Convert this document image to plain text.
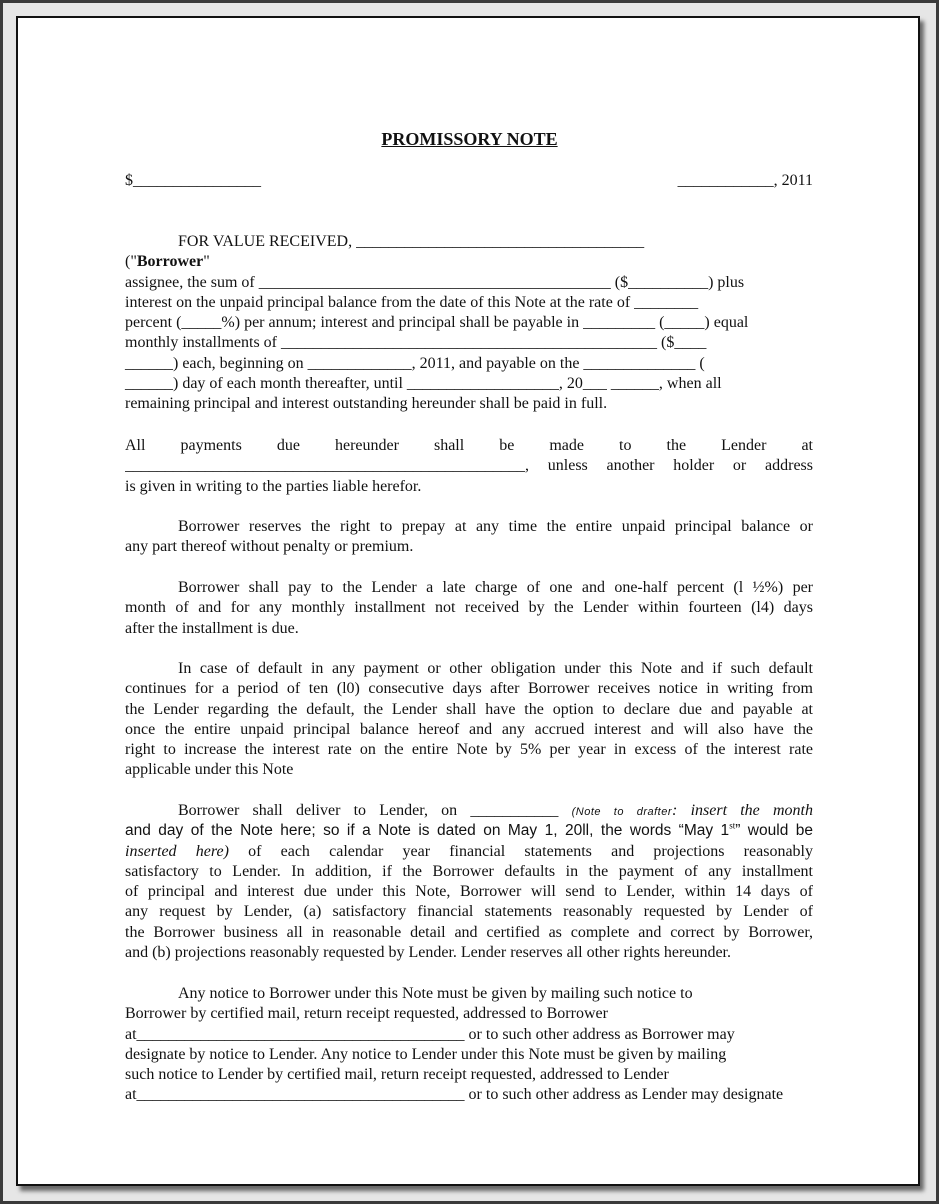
PROMISSORY NOTE
$________________	____________, 2011
FOR VALUE RECEIVED, ____________________________________
("Borrower"
assignee, the sum of ____________________________________________ ($__________) plus
interest on the unpaid principal balance from the date of this Note at the rate of ________
percent (_____%) per annum; interest and principal shall be payable in _________ (_____) equal
monthly installments of _______________________________________________ ($____
______) each, beginning on _____________, 2011, and payable on the ______________ (
______) day of each month thereafter, until ___________________, 20___ ______, when all
remaining principal and interest outstanding hereunder shall be paid in full.
All payments due hereunder shall be made to the Lender at
__________________________________________________, unless another holder or address
is given in writing to the parties liable herefor.
Borrower reserves the right to prepay at any time the entire unpaid principal balance or
any part thereof without penalty or premium.
Borrower shall pay to the Lender a late charge of one and one-half percent (l ½%) per
month of and for any monthly installment not received by the Lender within fourteen (l4) days
after the installment is due.
In case of default in any payment or other obligation under this Note and if such default
continues for a period of ten (l0) consecutive days after Borrower receives notice in writing from
the Lender regarding the default, the Lender shall have the option to declare due and payable at
once the entire unpaid principal balance hereof and any accrued interest and will also have the
right to increase the interest rate on the entire Note by 5% per year in excess of the interest rate
applicable under this Note
Borrower shall deliver to Lender, on ___________ (Note to drafter: insert the month
and day of the Note here; so if a Note is dated on May 1, 20ll, the words “May 1st” would be
inserted here) of each calendar year financial statements and projections reasonably
satisfactory to Lender. In addition, if the Borrower defaults in the payment of any installment
of principal and interest due under this Note, Borrower will send to Lender, within 14 days of
any request by Lender, (a) satisfactory financial statements reasonably requested by Lender of
the Borrower business all in reasonable detail and certified as complete and correct by Borrower,
and (b) projections reasonably requested by Lender. Lender reserves all other rights hereunder.
Any notice to Borrower under this Note must be given by mailing such notice to
Borrower by certified mail, return receipt requested, addressed to Borrower
at_________________________________________ or to such other address as Borrower may
designate by notice to Lender. Any notice to Lender under this Note must be given by mailing
such notice to Lender by certified mail, return receipt requested, addressed to Lender
at_________________________________________ or to such other address as Lender may designate
